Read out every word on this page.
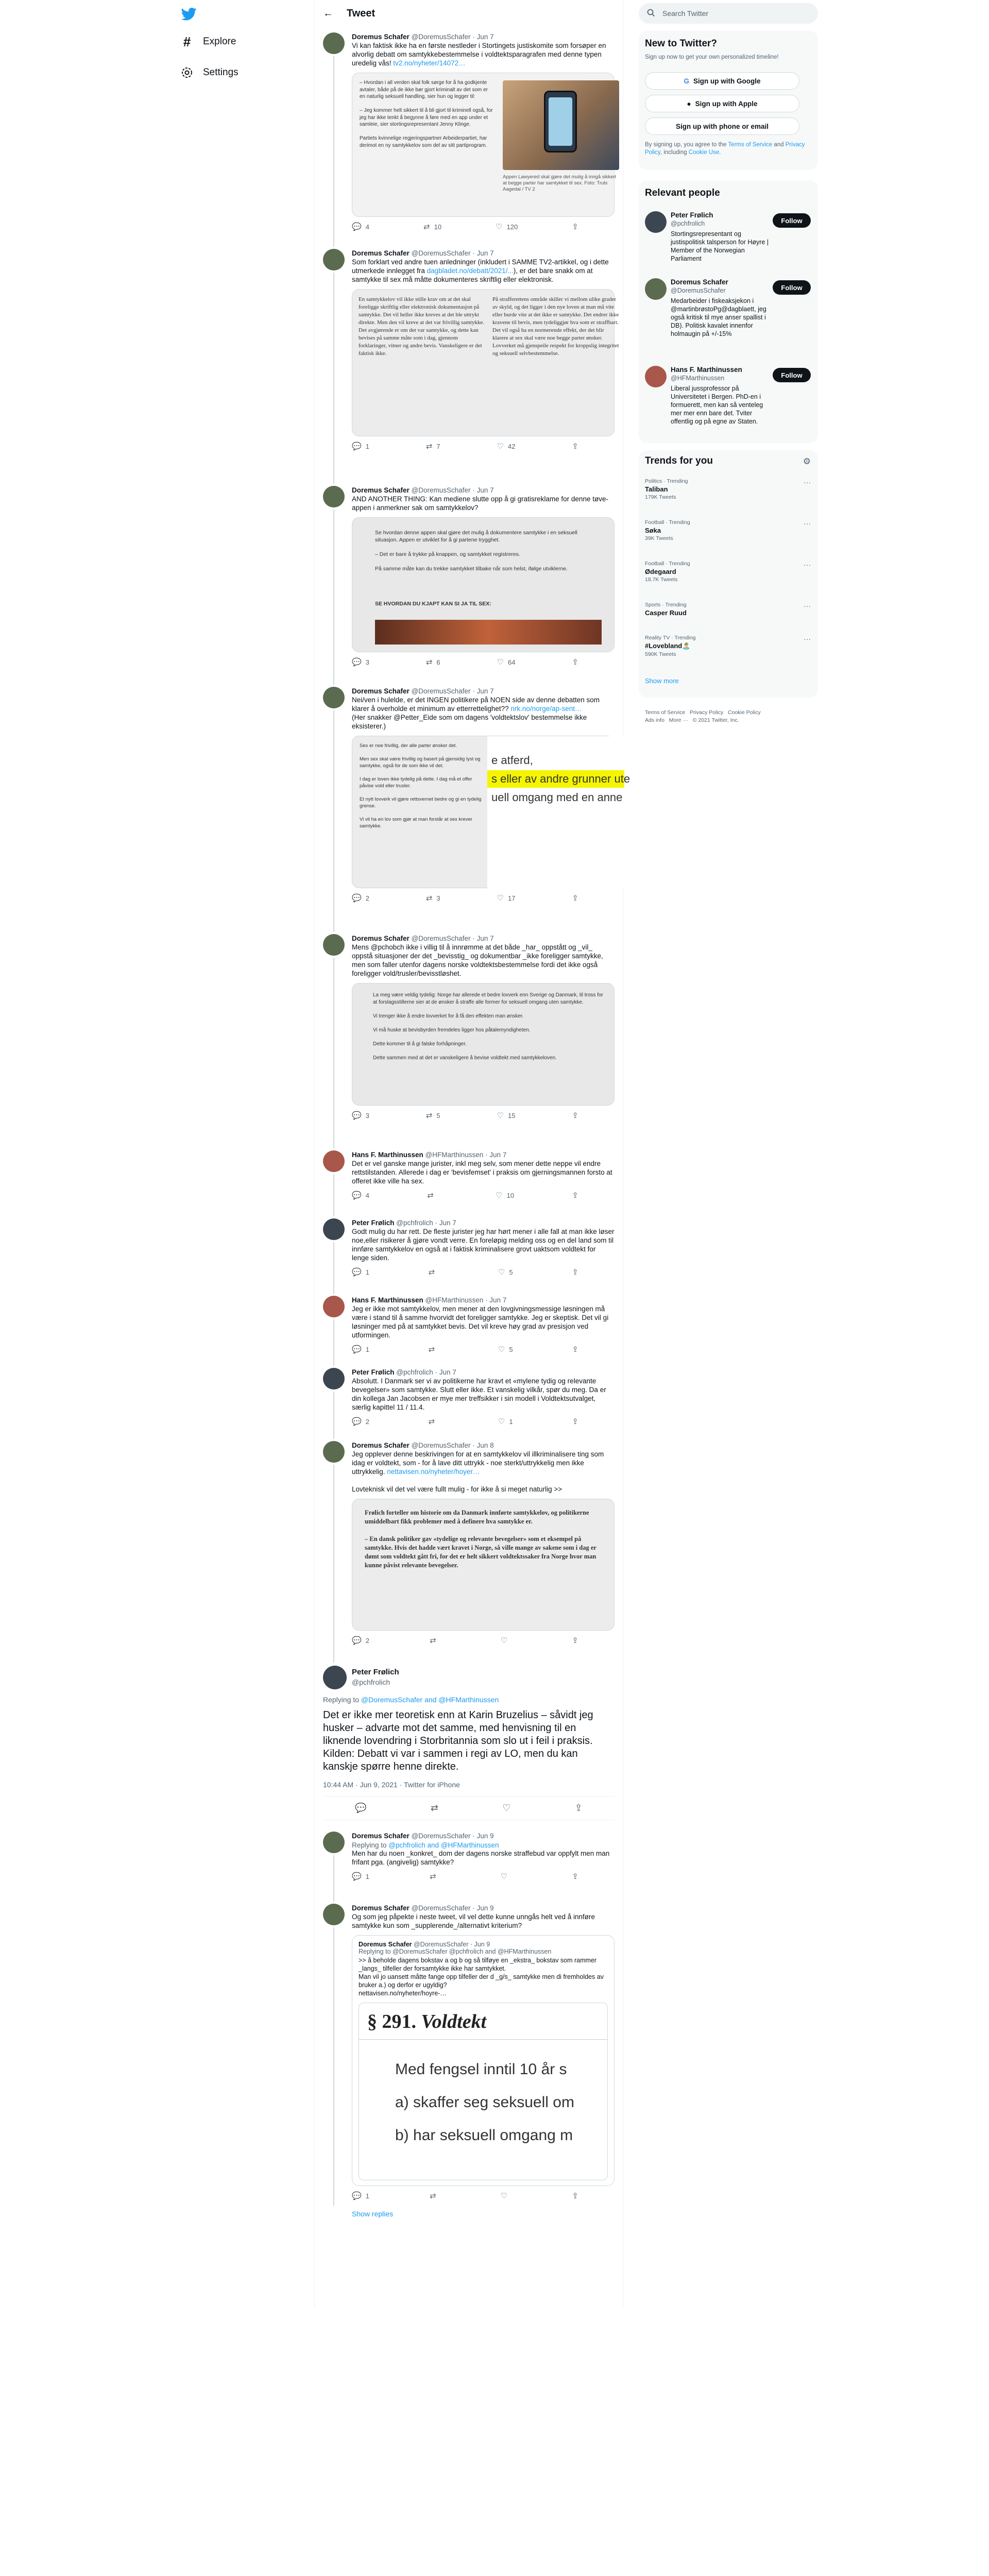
#	Explore
Settings
← Tweet
Doremus Schafer @DoremusSchafer · Jun 7
Vi kan faktisk ikke ha en første nestleder i Stortingets justiskomite som forsøper en alvorlig debatt om samtykkebestemmelse i voldtektsparagrafen med denne typen uredelig vås! tv2.no/nyheter/14072…
– Hvordan i all verden skal folk sørge for å ha godkjente avtaler, både på de ikke bør gjort kriminalt av det som er en naturlig seksuell handling, sier hun og legger til:

– Jeg kommer helt sikkert til å bli gjort til kriminell også, for jeg har ikke tenkt å begynne å føre med en app under et samleie, sier stortingsrepresentant Jenny Klinge.

Partiets kvinnelige regjeringspartner Arbeiderpartiet, har derimot en ny samtykkelov som del av sitt partiprogram.
Appen Lawyered skal gjøre det mulig å inngå sikkert at begge parter har samtykket til sex. Foto: Truls Aagedal / TV 2
💬 4	⇄ 10	♡ 120	⇪
Doremus Schafer @DoremusSchafer · Jun 7
Som forklart ved andre tuen anledninger (inkludert i SAMME TV2-artikkel, og i dette utmerkede innlegget fra dagbladet.no/debatt/2021/...), er det bare snakk om at samtykke til sex må måtte dokumenteres skriftlig eller elektronisk.
En samtykkelov vil ikke stille krav om at det skal foreligge skriftlig eller elektronisk dokumentasjon på samtykke. Det vil heller ikke kreves at det ble uttrykt direkte. Men den vil kreve at det var frivillig samtykke. Det avgjørende er om det var samtykke, og dette kan bevises på samme måte som i dag, gjennom forklaringer, vitner og andre bevis. Vanskeligere er det faktisk ikke.
På strafferettens område skiller vi mellom ulike grader av skyld, og det ligger i den nye loven at man må vite eller burde vite at det ikke er samtykke. Det endrer ikke kravene til bevis, men tydeliggjør hva som er straffbart. Det vil også ha en normerende effekt, der det blir klarere at sex skal være noe begge parter ønsker. Lovverket må gjenspeile respekt for kroppslig integritet og seksuell selvbestemmelse.
💬 1	⇄ 7	♡ 42	⇪
Doremus Schafer @DoremusSchafer · Jun 7
AND ANOTHER THING: Kan mediene slutte opp å gi gratisreklame for denne tøve-appen i anmerkner sak om samtykkelov?
Se hvordan denne appen skal gjøre det mulig å dokumentere samtykke i en seksuell situasjon. Appen er utviklet for å gi partene trygghet.

– Det er bare å trykke på knappen, og samtykket registreres.

På samme måte kan du trekke samtykket tilbake når som helst, ifølge utviklerne.
SE HVORDAN DU KJAPT KAN SI JA TIL SEX:
💬 3	⇄ 6	♡ 64	⇪
Doremus Schafer @DoremusSchafer · Jun 7
Nei/ven i hulelde, er det INGEN politikere på NOEN side av denne debatten som klarer å overholde et minimum av etterrettelighet?? nrk.no/norge/ap-sent…
(Her snakker @Petter_Eide som om dagens 'voldtektslov' bestemmelse ikke eksisterer.)
Sex er noe frivillig, der alle parter ønsker det.

Men sex skal være frivillig og basert på gjensidig lyst og samtykke, også for de som ikke vil det.

I dag er loven ikke tydelig på dette. I dag må et offer påvise vold eller trusler.

Et nytt lovverk vil gjøre rettsvernet bedre og gi en tydelig grense.

Vi vil ha en lov som gjør at man forstår at sex krever samtykke.
e atferd,
s eller av andre grunner ute
uell omgang med en anne
💬 2	⇄ 3	♡ 17	⇪
Doremus Schafer @DoremusSchafer · Jun 7
Mens @pchobch ikke i villig til å innrømme at det både _har_ oppstått og _vil_ oppstå situasjoner der det _bevisstig_ og dokumentbar _ikke foreligger samtykke, men som faller utenfor dagens norske voldtektsbestemmelse fordi det ikke også foreligger vold/trusler/bevisstløshet.
La meg være veldig tydelig: Norge har allerede et bedre lovverk enn Sverige og Danmark, til tross for at forslagsstillerne sier at de ønsker å straffe alle former for seksuell omgang uten samtykke.

Vi trenger ikke å endre lovverket for å få den effekten man ønsker.

Vi må huske at bevisbyrden fremdeles ligger hos påtalemyndigheten.

Dette kommer til å gi falske forhåpninger.

Dette sammen med at det er vanskeligere å bevise voldtekt med samtykkeloven.
💬 3	⇄ 5	♡ 15	⇪
Hans F. Marthinussen @HFMarthinussen · Jun 7
Det er vel ganske mange jurister, inkl meg selv, som mener dette neppe vil endre rettstilstanden. Allerede i dag er 'bevisfemset' i praksis om gjerningsmannen forsto at offeret ikke ville ha sex.
💬 4	⇄	♡ 10	⇪
Peter Frølich @pchfrolich · Jun 7
Godt mulig du har rett. De fleste jurister jeg har hørt mener i alle fall at man ikke løser noe,eller risikerer å gjøre vondt verre. En foreløpig melding oss og en del land som til innføre samtykkelov en også at i faktisk kriminalisere grovt uaktsom voldtekt for lenge siden.
💬 1	⇄	♡ 5	⇪
Hans F. Marthinussen @HFMarthinussen · Jun 7
Jeg er ikke mot samtykkelov, men mener at den lovgivningsmessige løsningen må være i stand til å samme hvorvidt det foreligger samtykke. Jeg er skeptisk. Det vil gi løsninger med på at samtykket bevis. Det vil kreve høy grad av presisjon ved utformingen.
💬 1	⇄	♡ 5	⇪
Peter Frølich @pchfrolich · Jun 7
Absolutt. I Danmark ser vi av politikerne har kravt et «mylene tydig og relevante bevegelser» som samtykke. Slutt eller ikke. Et vanskelig vilkår, spør du meg. Da er din kollega Jan Jacobsen er mye mer treffsikker i sin modell i Voldtektsutvalget, særlig kapittel 11 / 11.4.
💬 2	⇄	♡ 1	⇪
Doremus Schafer @DoremusSchafer · Jun 8
Jeg opplever denne beskrivingen for at en samtykkelov vil illkriminalisere ting som idag er voldtekt, som - for å lave ditt uttrykk - noe sterkt/uttrykkelig men ikke uttrykkelig. nettavisen.no/nyheter/hoyer…

Lovteknisk vil det vel være fullt mulig - for ikke å si meget naturlig >>
Frølich forteller om historie om da Danmark innførte samtykkelov, og politikerne umiddelbart fikk problemer med å definere hva samtykke er.

– En dansk politiker gav «tydelige og relevante bevegelser» som et eksempel på samtykke. Hvis det hadde vært kravet i Norge, så ville mange av sakene som i dag er dømt som voldtekt gått fri, for det er helt sikkert voldtektssaker fra Norge hvor man kunne påvist relevante bevegelser.
💬 2	⇄	♡	⇪
Peter Frølich
@pchfrolich
Replying to @DoremusSchafer and @HFMarthinussen
Det er ikke mer teoretisk enn at Karin Bruzelius – såvidt jeg husker – advarte mot det samme, med henvisning til en liknende lovendring i Storbritannia som slo ut i feil i praksis. Kilden: Debatt vi var i sammen i regi av LO, men du kan kanskje spørre henne direkte.
10:44 AM · Jun 9, 2021 · Twitter for iPhone
💬	⇄	♡	⇪
Doremus Schafer @DoremusSchafer · Jun 9
Replying to @pchfrolich and @HFMarthinussen
Men har du noen _konkret_ dom der dagens norske straffebud var oppfylt men man frifant pga. (angivelig) samtykke?
💬 1	⇄	♡	⇪
Doremus Schafer @DoremusSchafer · Jun 9
Og som jeg påpekte i neste tweet, vil vel dette kunne unngås helt ved å innføre samtykke kun som _supplerende_/alternativt kriterium?
Doremus Schafer @DoremusSchafer · Jun 9
Replying to @DoremusSchafer @pchfrolich and @HFMarthinussen
>> å beholde dagens bokstav a og b og så tilføye en _ekstra_ bokstav som rammer _langs_ tilfeller der forsamtykke ikke har samtykket.
Man vil jo uansett måtte fange opp tilfeller der d _g/s_ samtykke men di fremholdes av bruker a.) og derfor er ugyldig?
nettavisen.no/nyheter/hoyre-…
§ 291. Voldtekt
Med fengsel inntil 10 år s
a) skaffer seg seksuell om
b) har seksuell omgang m
💬 1	⇄	♡	⇪
Show replies
Search Twitter
New to Twitter?
Sign up now to get your own personalized timeline!
G Sign up with Google
● Sign up with Apple
Sign up with phone or email
By signing up, you agree to the Terms of Service and Privacy Policy, including Cookie Use.
Relevant people
Peter Frølich
@pchfrolich	Follow
Stortingsrepresentant og justispolitisk talsperson for Høyre | Member of the Norwegian Parliament
Doremus Schafer
@DoremusSchafer	Follow
Medarbeider i fiskeaksjekon i @martinbrøstoPg@dagblaett, jeg også kritisk til mye anser spallist i DB). Politisk kavalet innenfor holmaugin på +/-15%
Hans F. Marthinussen
@HFMarthinussen	Follow
Liberal jussprofessor på Universitetet i Bergen. PhD-en i formuerett, men kan så venteleg mer mer enn bare det. Tviter offentlig og på egne av Staten.
Trends for you	⚙
Politics · Trending
Taliban
179K Tweets
···
Football · Trending
Søka
39K Tweets
···
Football · Trending
Ødegaard
18.7K Tweets
···
Sports · Trending
Casper Ruud
···
Reality TV · Trending
#Lovebland🏝️
590K Tweets
···
Show more
Terms of Service   Privacy Policy   Cookie Policy
Ads info   More ···   © 2021 Twitter, Inc.
